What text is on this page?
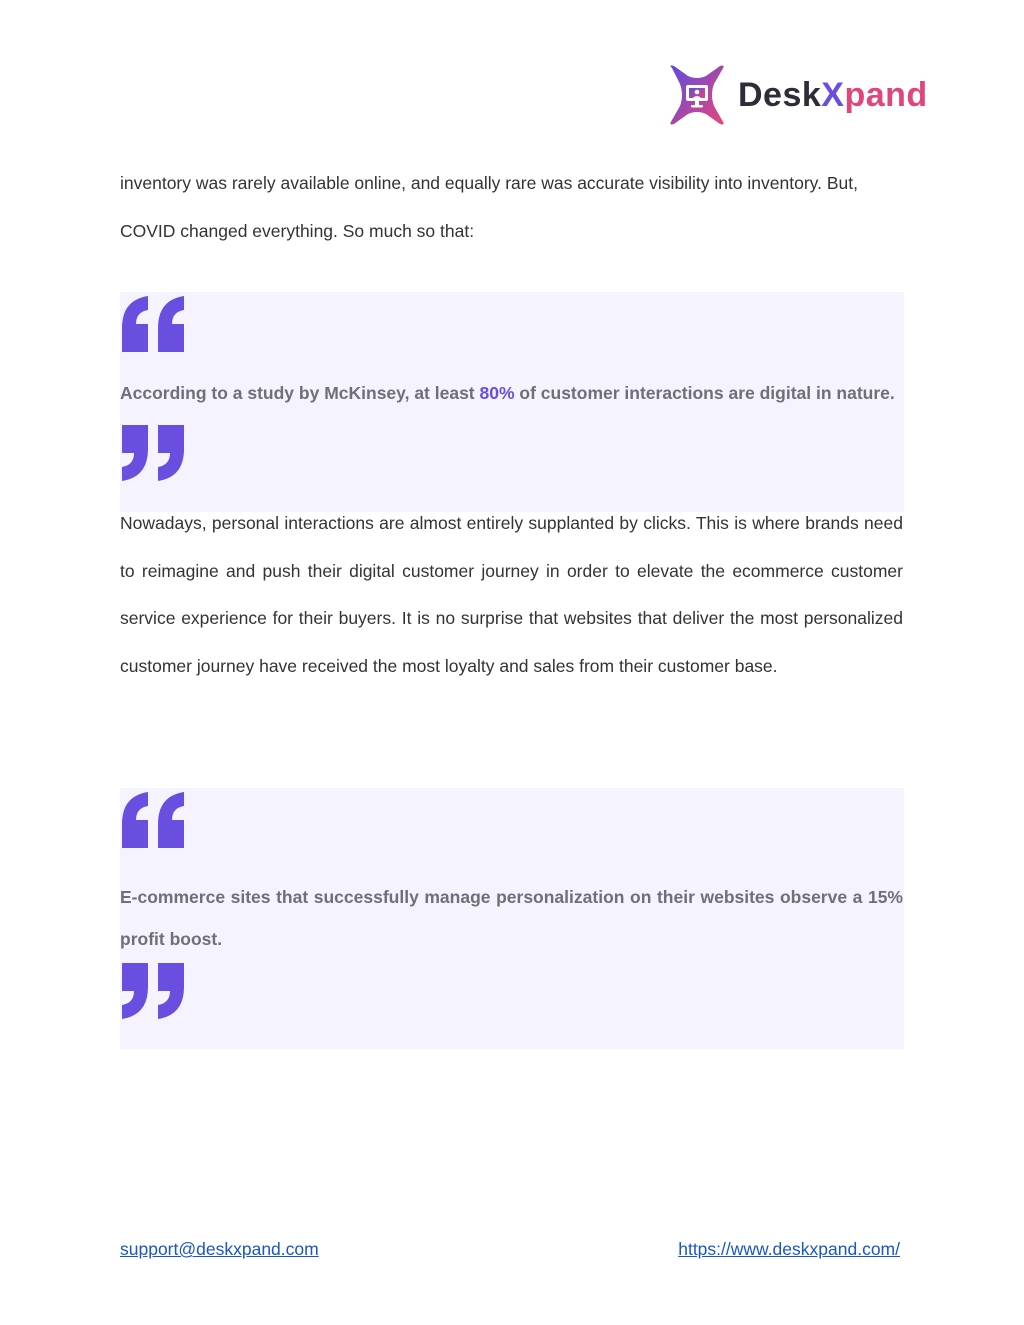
DeskXpand

inventory was rarely available online, and equally rare was accurate visibility into inventory. But, COVID changed everything. So much so that:

According to a study by McKinsey, at least 80% of customer interactions are digital in nature.

Nowadays, personal interactions are almost entirely supplanted by clicks. This is where brands need to reimagine and push their digital customer journey in order to elevate the ecommerce customer service experience for their buyers. It is no surprise that websites that deliver the most personalized customer journey have received the most loyalty and sales from their customer base.

E-commerce sites that successfully manage personalization on their websites observe a 15% profit boost.

support@deskxpand.com	https://www.deskxpand.com/
